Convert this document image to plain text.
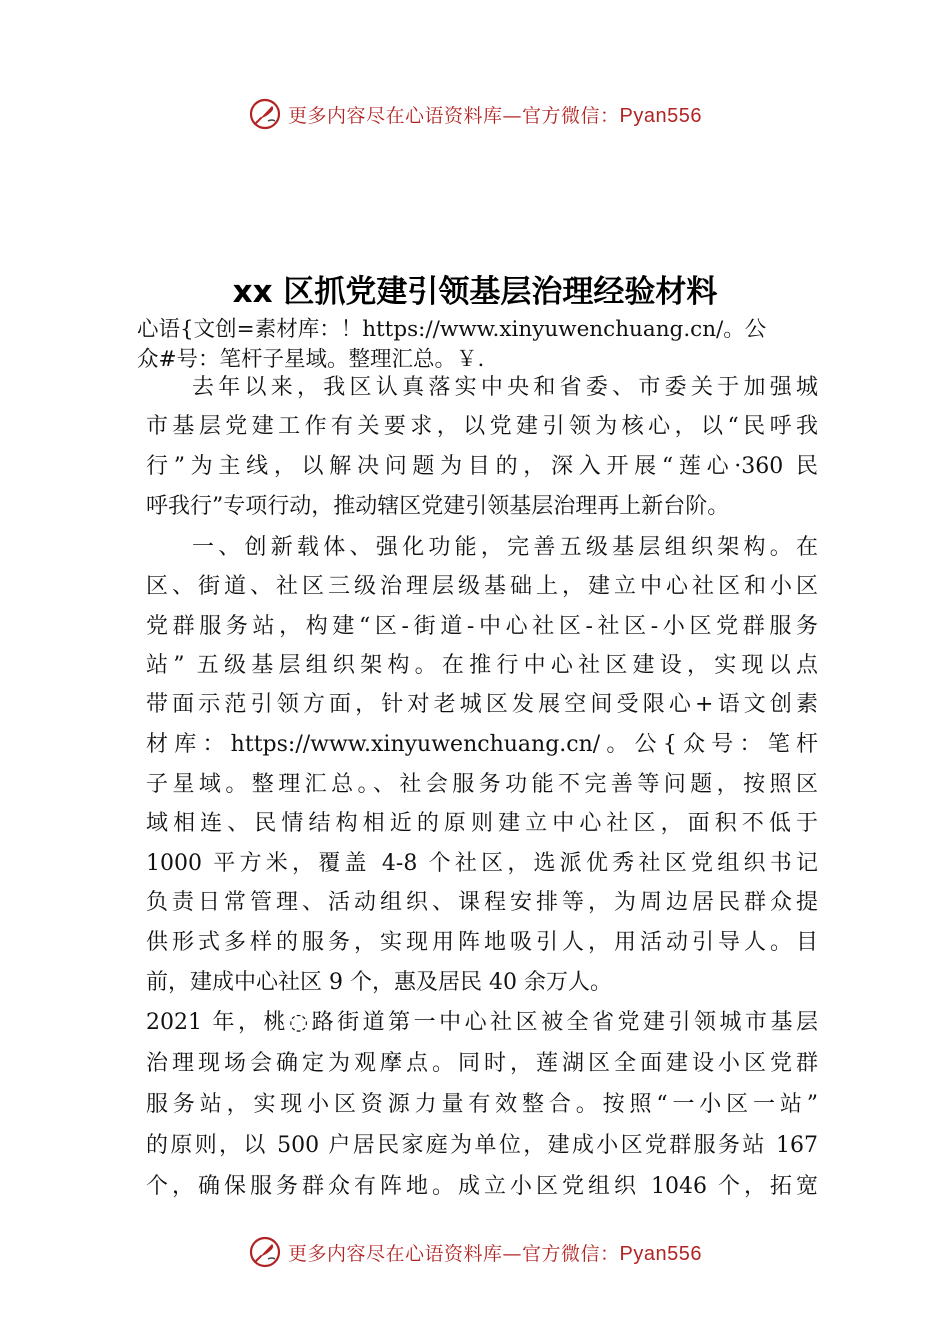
更多内容尽在心语资料库—官方微信：Pyan556
xx 区抓党建引领基层治理经验材料
心语{文创=素材库：！https://www.xinyuwenchuang.cn/。公
众#号：笔杆子星域。整理汇总。￥.
去年以来，我区认真落实中央和省委、市委关于加强城
市基层党建工作有关要求，以党建引领为核心，以“民呼我
行”为主线，以解决问题为目的，深入开展“莲心·360 民
呼我行”专项行动，推动辖区党建引领基层治理再上新台阶。
一、创新载体、强化功能，完善五级基层组织架构。在
区、街道、社区三级治理层级基础上，建立中心社区和小区
党群服务站，构建“区-街道-中心社区-社区-小区党群服务
站” 五级基层组织架构。在推行中心社区建设，实现以点
带面示范引领方面，针对老城区发展空间受限心+语文创素
材库：https://www.xinyuwenchuang.cn/。公{众号：笔杆
子星域。整理汇总。、社会服务功能不完善等问题，按照区
域相连、民情结构相近的原则建立中心社区，面积不低于
1000 平方米，覆盖 4-8 个社区，选派优秀社区党组织书记
负责日常管理、活动组织、课程安排等，为周边居民群众提
供形式多样的服务，实现用阵地吸引人，用活动引导人。目
前，建成中心社区 9 个，惠及居民 40 余万人。
2021 年，桃◌路街道第一中心社区被全省党建引领城市基层
治理现场会确定为观摩点。同时，莲湖区全面建设小区党群
服务站，实现小区资源力量有效整合。按照“一小区一站”
的原则，以 500 户居民家庭为单位，建成小区党群服务站 167
个，确保服务群众有阵地。成立小区党组织 1046 个，拓宽
更多内容尽在心语资料库—官方微信：Pyan556
